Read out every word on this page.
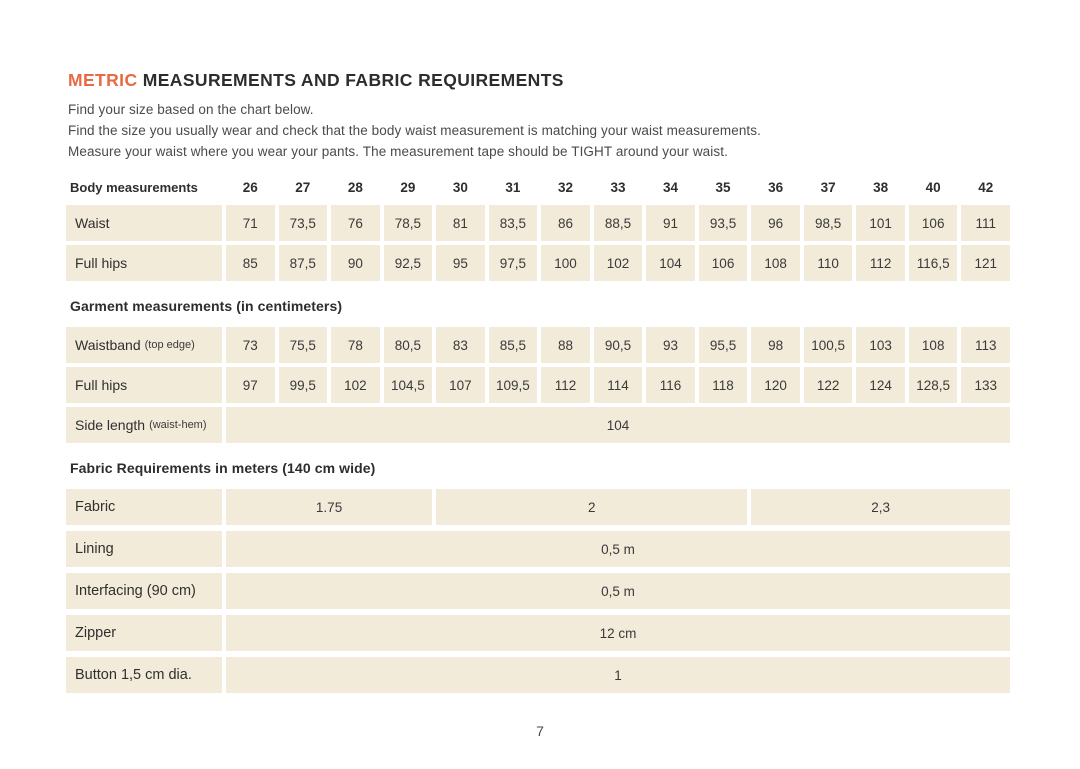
METRIC MEASUREMENTS AND FABRIC REQUIREMENTS

Find your size based on the chart below.

Find the size you usually wear and check that the body waist measurement is matching your waist measurements.

Measure your waist where you wear your pants. The measurement tape should be TIGHT around your waist.

Body measurements	26	27	28	29	30	31	32	33	34	35	36	37	38	40	42
Waist	71	73,5	76	78,5	81	83,5	86	88,5	91	93,5	96	98,5	101	106	111
Full hips	85	87,5	90	92,5	95	97,5	100	102	104	106	108	110	112	116,5	121
Garment measurements (in centimeters)
Waistband (top edge)	73	75,5	78	80,5	83	85,5	88	90,5	93	95,5	98	100,5	103	108	113
Full hips	97	99,5	102	104,5	107	109,5	112	114	116	118	120	122	124	128,5	133
Side length (waist-hem)	104
Fabric Requirements in meters (140 cm wide)
Fabric	1.75	2	2,3
Lining	0,5 m
Interfacing (90 cm)	0,5 m
Zipper	12 cm
Button 1,5 cm dia.	1
7
